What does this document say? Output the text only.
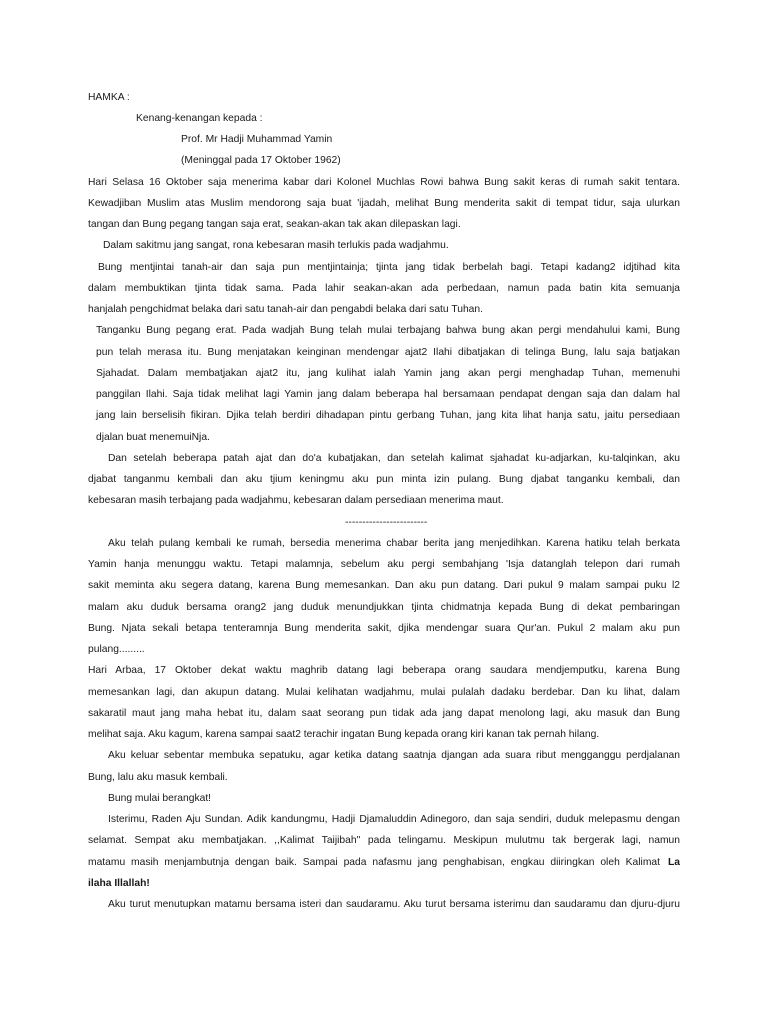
HAMKA :
Kenang-kenangan kepada :
Prof. Mr Hadji Muhammad Yamin
(Meninggal pada 17 Oktober 1962)
Hari Selasa 16 Oktober saja menerima kabar dari Kolonel Muchlas Rowi bahwa Bung sakit keras di rumah sakit tentara.
Kewadjiban Muslim atas Muslim mendorong saja buat 'ijadah, melihat Bung menderita sakit di tempat tidur, saja ulurkan
tangan dan Bung pegang tangan saja erat, seakan-akan tak akan dilepaskan lagi.
Dalam sakitmu jang sangat, rona kebesaran masih terlukis pada wadjahmu.
Bung mentjintai tanah-air dan saja pun mentjintainja; tjinta jang tidak berbelah bagi. Tetapi kadang2 idjtihad kita
dalam membuktikan tjinta tidak sama. Pada lahir seakan-akan ada perbedaan, namun pada batin kita semuanja
hanjalah pengchidmat belaka dari satu tanah-air dan pengabdi belaka dari satu Tuhan.
Tanganku Bung pegang erat. Pada wadjah Bung telah mulai terbajang bahwa bung akan pergi mendahului kami, Bung
pun telah merasa itu. Bung menjatakan keinginan mendengar ajat2 Ilahi dibatjakan di telinga Bung, lalu saja batjakan
Sjahadat. Dalam membatjakan ajat2 itu, jang kulihat ialah Yamin jang akan pergi menghadap Tuhan, memenuhi
panggilan Ilahi. Saja tidak melihat lagi Yamin jang dalam beberapa hal bersamaan pendapat dengan saja dan dalam hal
jang lain berselisih fikiran. Djika telah berdiri dihadapan pintu gerbang Tuhan, jang kita lihat hanja satu, jaitu persediaan
djalan buat menemuiNja.
Dan setelah beberapa patah ajat dan do'a kubatjakan, dan setelah kalimat sjahadat ku-adjarkan, ku-talqinkan, aku
djabat tanganmu kembali dan aku tjium keningmu aku pun minta izin pulang. Bung djabat tanganku kembali, dan
kebesaran masih terbajang pada wadjahmu, kebesaran dalam persediaan menerima maut.
------------------------
Aku telah pulang kembali ke rumah, bersedia menerima chabar berita jang menjedihkan. Karena hatiku telah berkata
Yamin hanja menunggu waktu. Tetapi malamnja, sebelum aku pergi sembahjang 'Isja datanglah telepon dari rumah
sakit meminta aku segera datang, karena Bung memesankan. Dan aku pun datang. Dari pukul 9 malam sampai puku l2
malam aku duduk bersama orang2 jang duduk menundjukkan tjinta chidmatnja kepada Bung di dekat pembaringan
Bung. Njata sekali betapa tenteramnja Bung menderita sakit, djika mendengar suara Qur'an. Pukul 2 malam aku pun
pulang.........
Hari Arbaa, 17 Oktober dekat waktu maghrib datang lagi beberapa orang saudara mendjemputku, karena Bung
memesankan lagi, dan akupun datang. Mulai kelihatan wadjahmu, mulai pulalah dadaku berdebar. Dan ku lihat, dalam
sakaratil maut jang maha hebat itu, dalam saat seorang pun tidak ada jang dapat menolong lagi, aku masuk dan Bung
melihat saja. Aku kagum, karena sampai saat2 terachir ingatan Bung kepada orang kiri kanan tak pernah hilang.
Aku keluar sebentar membuka sepatuku, agar ketika datang saatnja djangan ada suara ribut mengganggu perdjalanan
Bung, lalu aku masuk kembali.
Bung mulai berangkat!
Isterimu, Raden Aju Sundan. Adik kandungmu, Hadji Djamaluddin Adinegoro, dan saja sendiri, duduk melepasmu dengan
selamat. Sempat aku membatjakan. ,,Kalimat Taijibah" pada telingamu. Meskipun mulutmu tak bergerak lagi, namun
matamu masih menjambutnja dengan baik. Sampai pada nafasmu jang penghabisan, engkau diiringkan oleh Kalimat La
ilaha Illallah!
Aku turut menutupkan matamu bersama isteri dan saudaramu. Aku turut bersama isterimu dan saudaramu dan djuru-djuru
